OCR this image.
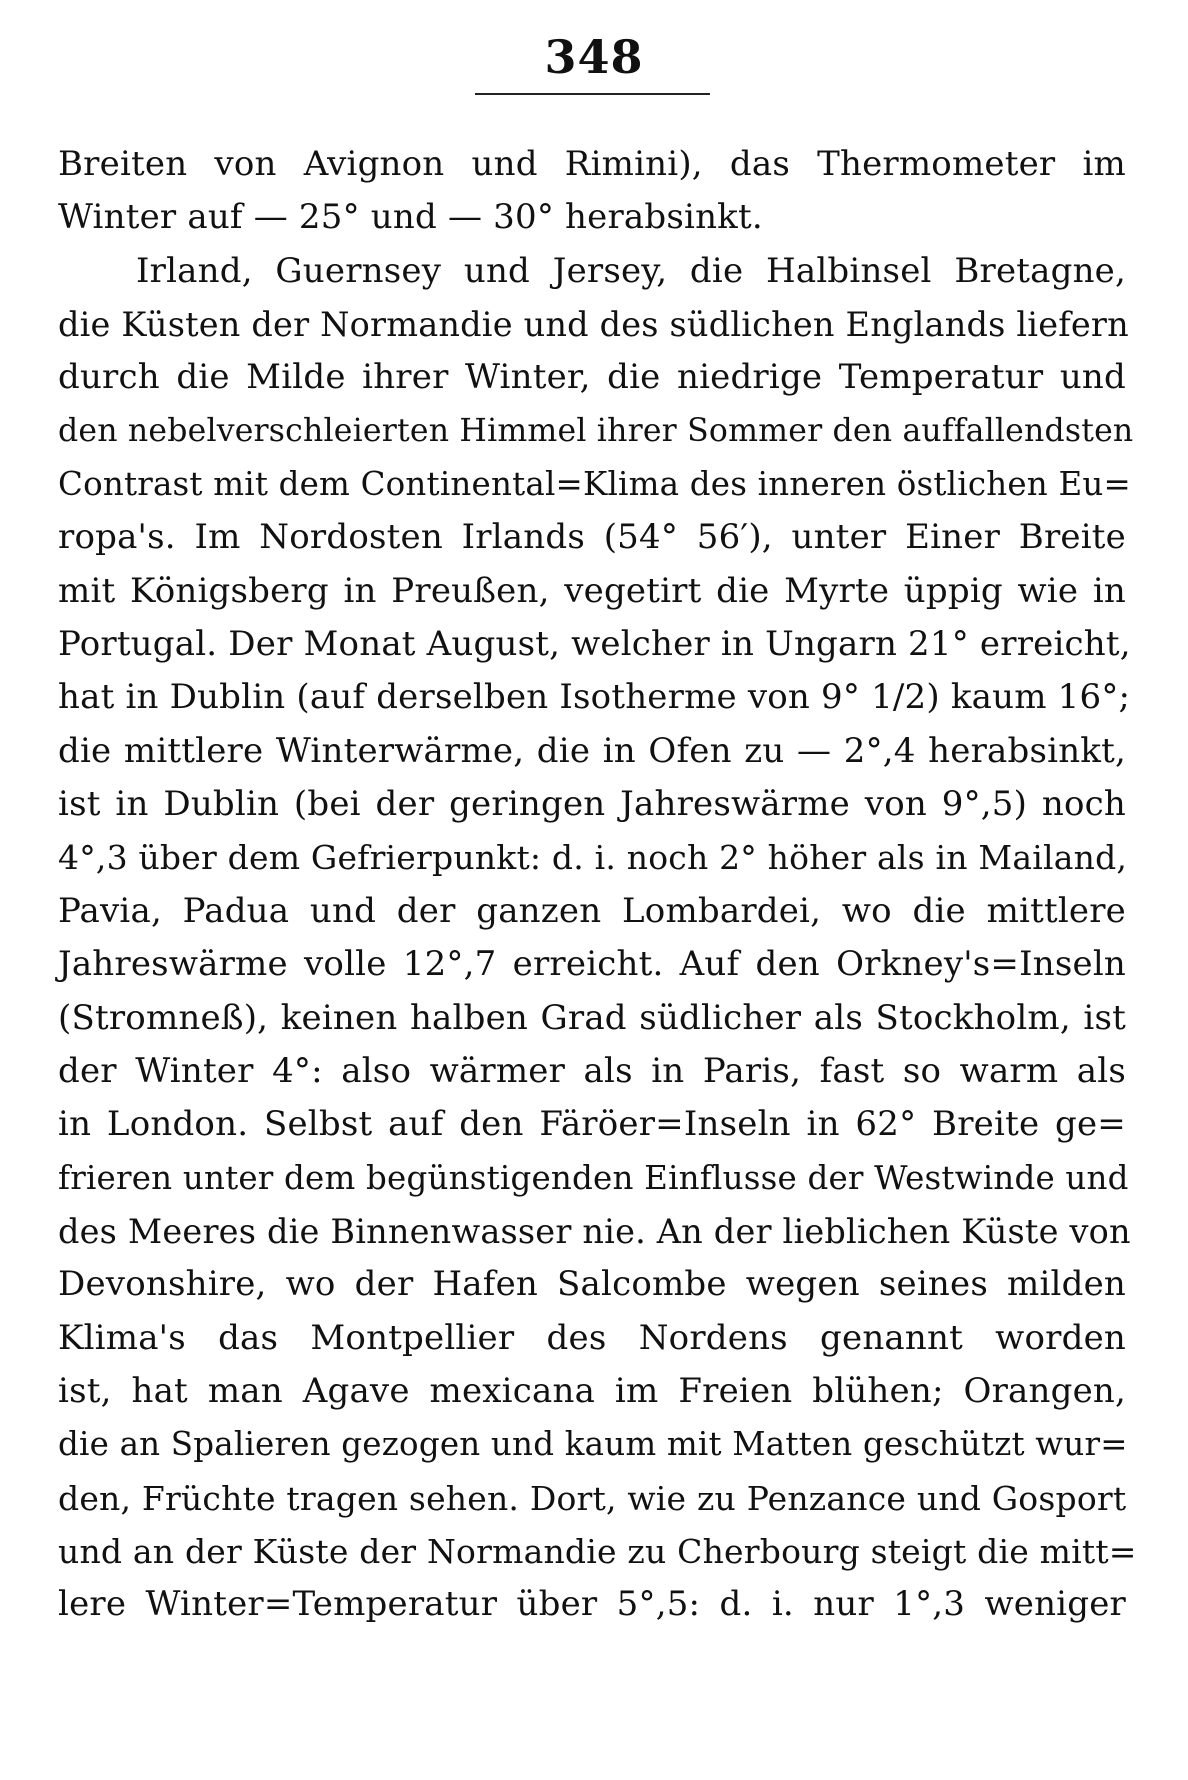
348
Breiten von Avignon und Rimini), das Thermometer im
Winter auf — 25° und — 30° herabsinkt.
Irland, Guernsey und Jersey, die Halbinsel Bretagne,
die Küsten der Normandie und des südlichen Englands liefern
durch die Milde ihrer Winter, die niedrige Temperatur und
den nebelverschleierten Himmel ihrer Sommer den auffallendsten
Contrast mit dem Continental=Klima des inneren östlichen Eu=
ropa's. Im Nordosten Irlands (54° 56′), unter Einer Breite
mit Königsberg in Preußen, vegetirt die Myrte üppig wie in
Portugal. Der Monat August, welcher in Ungarn 21° erreicht,
hat in Dublin (auf derselben Isotherme von 9° 1/2) kaum 16°;
die mittlere Winterwärme, die in Ofen zu — 2°,4 herabsinkt,
ist in Dublin (bei der geringen Jahreswärme von 9°,5) noch
4°,3 über dem Gefrierpunkt: d. i. noch 2° höher als in Mailand,
Pavia, Padua und der ganzen Lombardei, wo die mittlere
Jahreswärme volle 12°,7 erreicht. Auf den Orkney's=Inseln
(Stromneß), keinen halben Grad südlicher als Stockholm, ist
der Winter 4°: also wärmer als in Paris, fast so warm als
in London. Selbst auf den Färöer=Inseln in 62° Breite ge=
frieren unter dem begünstigenden Einflusse der Westwinde und
des Meeres die Binnenwasser nie. An der lieblichen Küste von
Devonshire, wo der Hafen Salcombe wegen seines milden
Klima's das Montpellier des Nordens genannt worden
ist, hat man Agave mexicana im Freien blühen; Orangen,
die an Spalieren gezogen und kaum mit Matten geschützt wur=
den, Früchte tragen sehen. Dort, wie zu Penzance und Gosport
und an der Küste der Normandie zu Cherbourg steigt die mitt=
lere Winter=Temperatur über 5°,5: d. i. nur 1°,3 weniger
